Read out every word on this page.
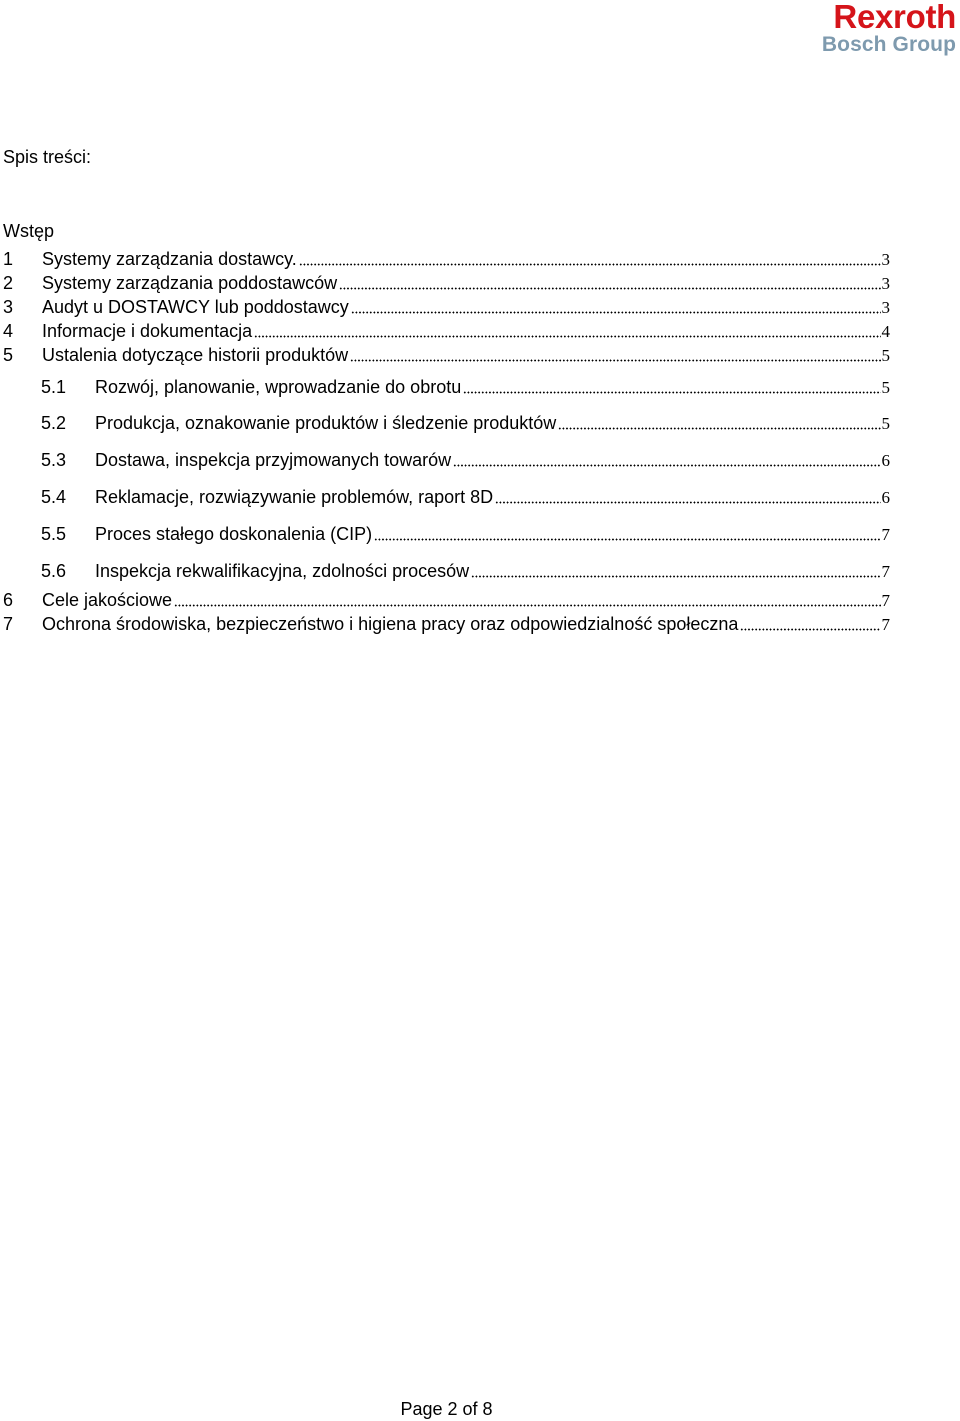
Rexroth
Bosch Group
Spis treści:
Wstęp
1	Systemy zarządzania dostawcy.	3
2	Systemy zarządzania poddostawców	3
3	Audyt u DOSTAWCY lub poddostawcy	3
4	Informacje i dokumentacja	4
5	Ustalenia dotyczące historii produktów	5
5.1	Rozwój, planowanie, wprowadzanie do obrotu	5
5.2	Produkcja, oznakowanie produktów i śledzenie produktów	5
5.3	Dostawa, inspekcja przyjmowanych towarów	6
5.4	Reklamacje, rozwiązywanie problemów, raport 8D	6
5.5	Proces stałego doskonalenia (CIP)	7
5.6	Inspekcja rekwalifikacyjna, zdolności procesów	7
6	Cele jakościowe	7
7	Ochrona środowiska, bezpieczeństwo i higiena pracy oraz odpowiedzialność społeczna	7
Page 2 of 8
